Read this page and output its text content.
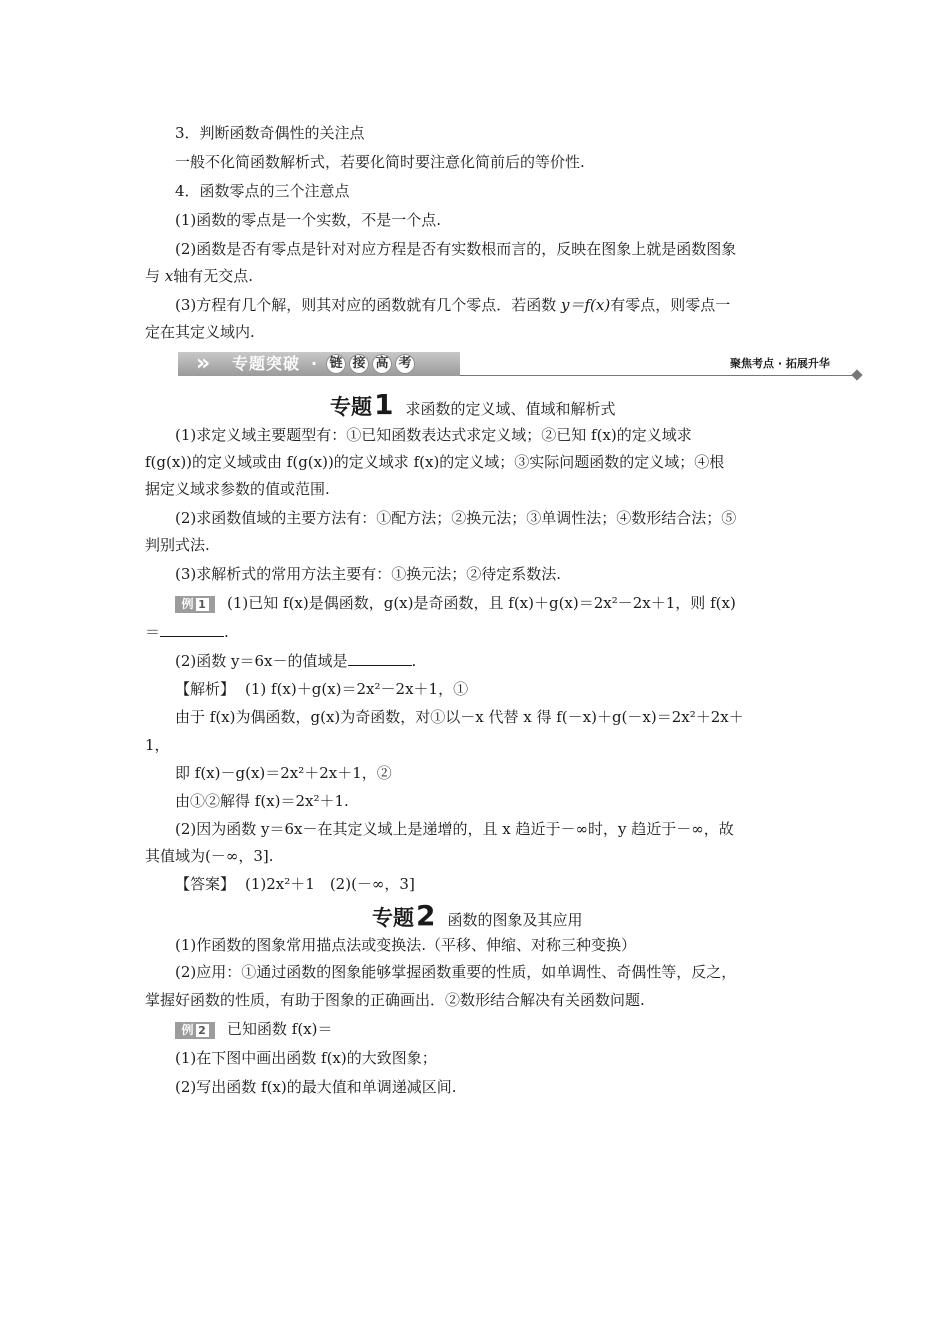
3．判断函数奇偶性的关注点
一般不化简函数解析式，若要化简时要注意化简前后的等价性.
4．函数零点的三个注意点
(1)函数的零点是一个实数，不是一个点.
(2)函数是否有零点是针对对应方程是否有实数根而言的，反映在图象上就是函数图象
与 x轴有无交点.
(3)方程有几个解，则其对应的函数就有几个零点．若函数 y＝f(x)有零点，则零点一
定在其定义域内.
» 专题突破 · 链 接 高 考	聚焦考点 · 拓展升华
专题1 求函数的定义域、值域和解析式
(1)求定义域主要题型有：①已知函数表达式求定义域；②已知 f(x)的定义域求
f(g(x))的定义域或由 f(g(x))的定义域求 f(x)的定义域；③实际问题函数的定义域；④根
据定义域求参数的值或范围.
(2)求函数值域的主要方法有：①配方法；②换元法；③单调性法；④数形结合法；⑤
判别式法.
(3)求解析式的常用方法主要有：①换元法；②待定系数法.
例 1 (1)已知 f(x)是偶函数，g(x)是奇函数，且 f(x)＋g(x)＝2x²－2x＋1，则 f(x)
＝	.
(2)函数 y＝6x－的值域是	.
【解析】 (1) f(x)＋g(x)＝2x²－2x＋1，①
由于 f(x)为偶函数，g(x)为奇函数，对①以－x 代替 x 得 f(－x)＋g(－x)＝2x²＋2x＋
1，
即 f(x)－g(x)＝2x²＋2x＋1，②
由①②解得 f(x)＝2x²＋1.
(2)因为函数 y＝6x－在其定义域上是递增的，且 x 趋近于－∞时，y 趋近于－∞，故
其值域为(－∞，3].
【答案】 (1)2x²＋1　(2)(－∞，3]
专题2 函数的图象及其应用
(1)作函数的图象常用描点法或变换法.（平移、伸缩、对称三种变换）
(2)应用：①通过函数的图象能够掌握函数重要的性质，如单调性、奇偶性等，反之，
掌握好函数的性质，有助于图象的正确画出．②数形结合解决有关函数问题.
例 2 已知函数 f(x)＝
(1)在下图中画出函数 f(x)的大致图象；
(2)写出函数 f(x)的最大值和单调递减区间.
